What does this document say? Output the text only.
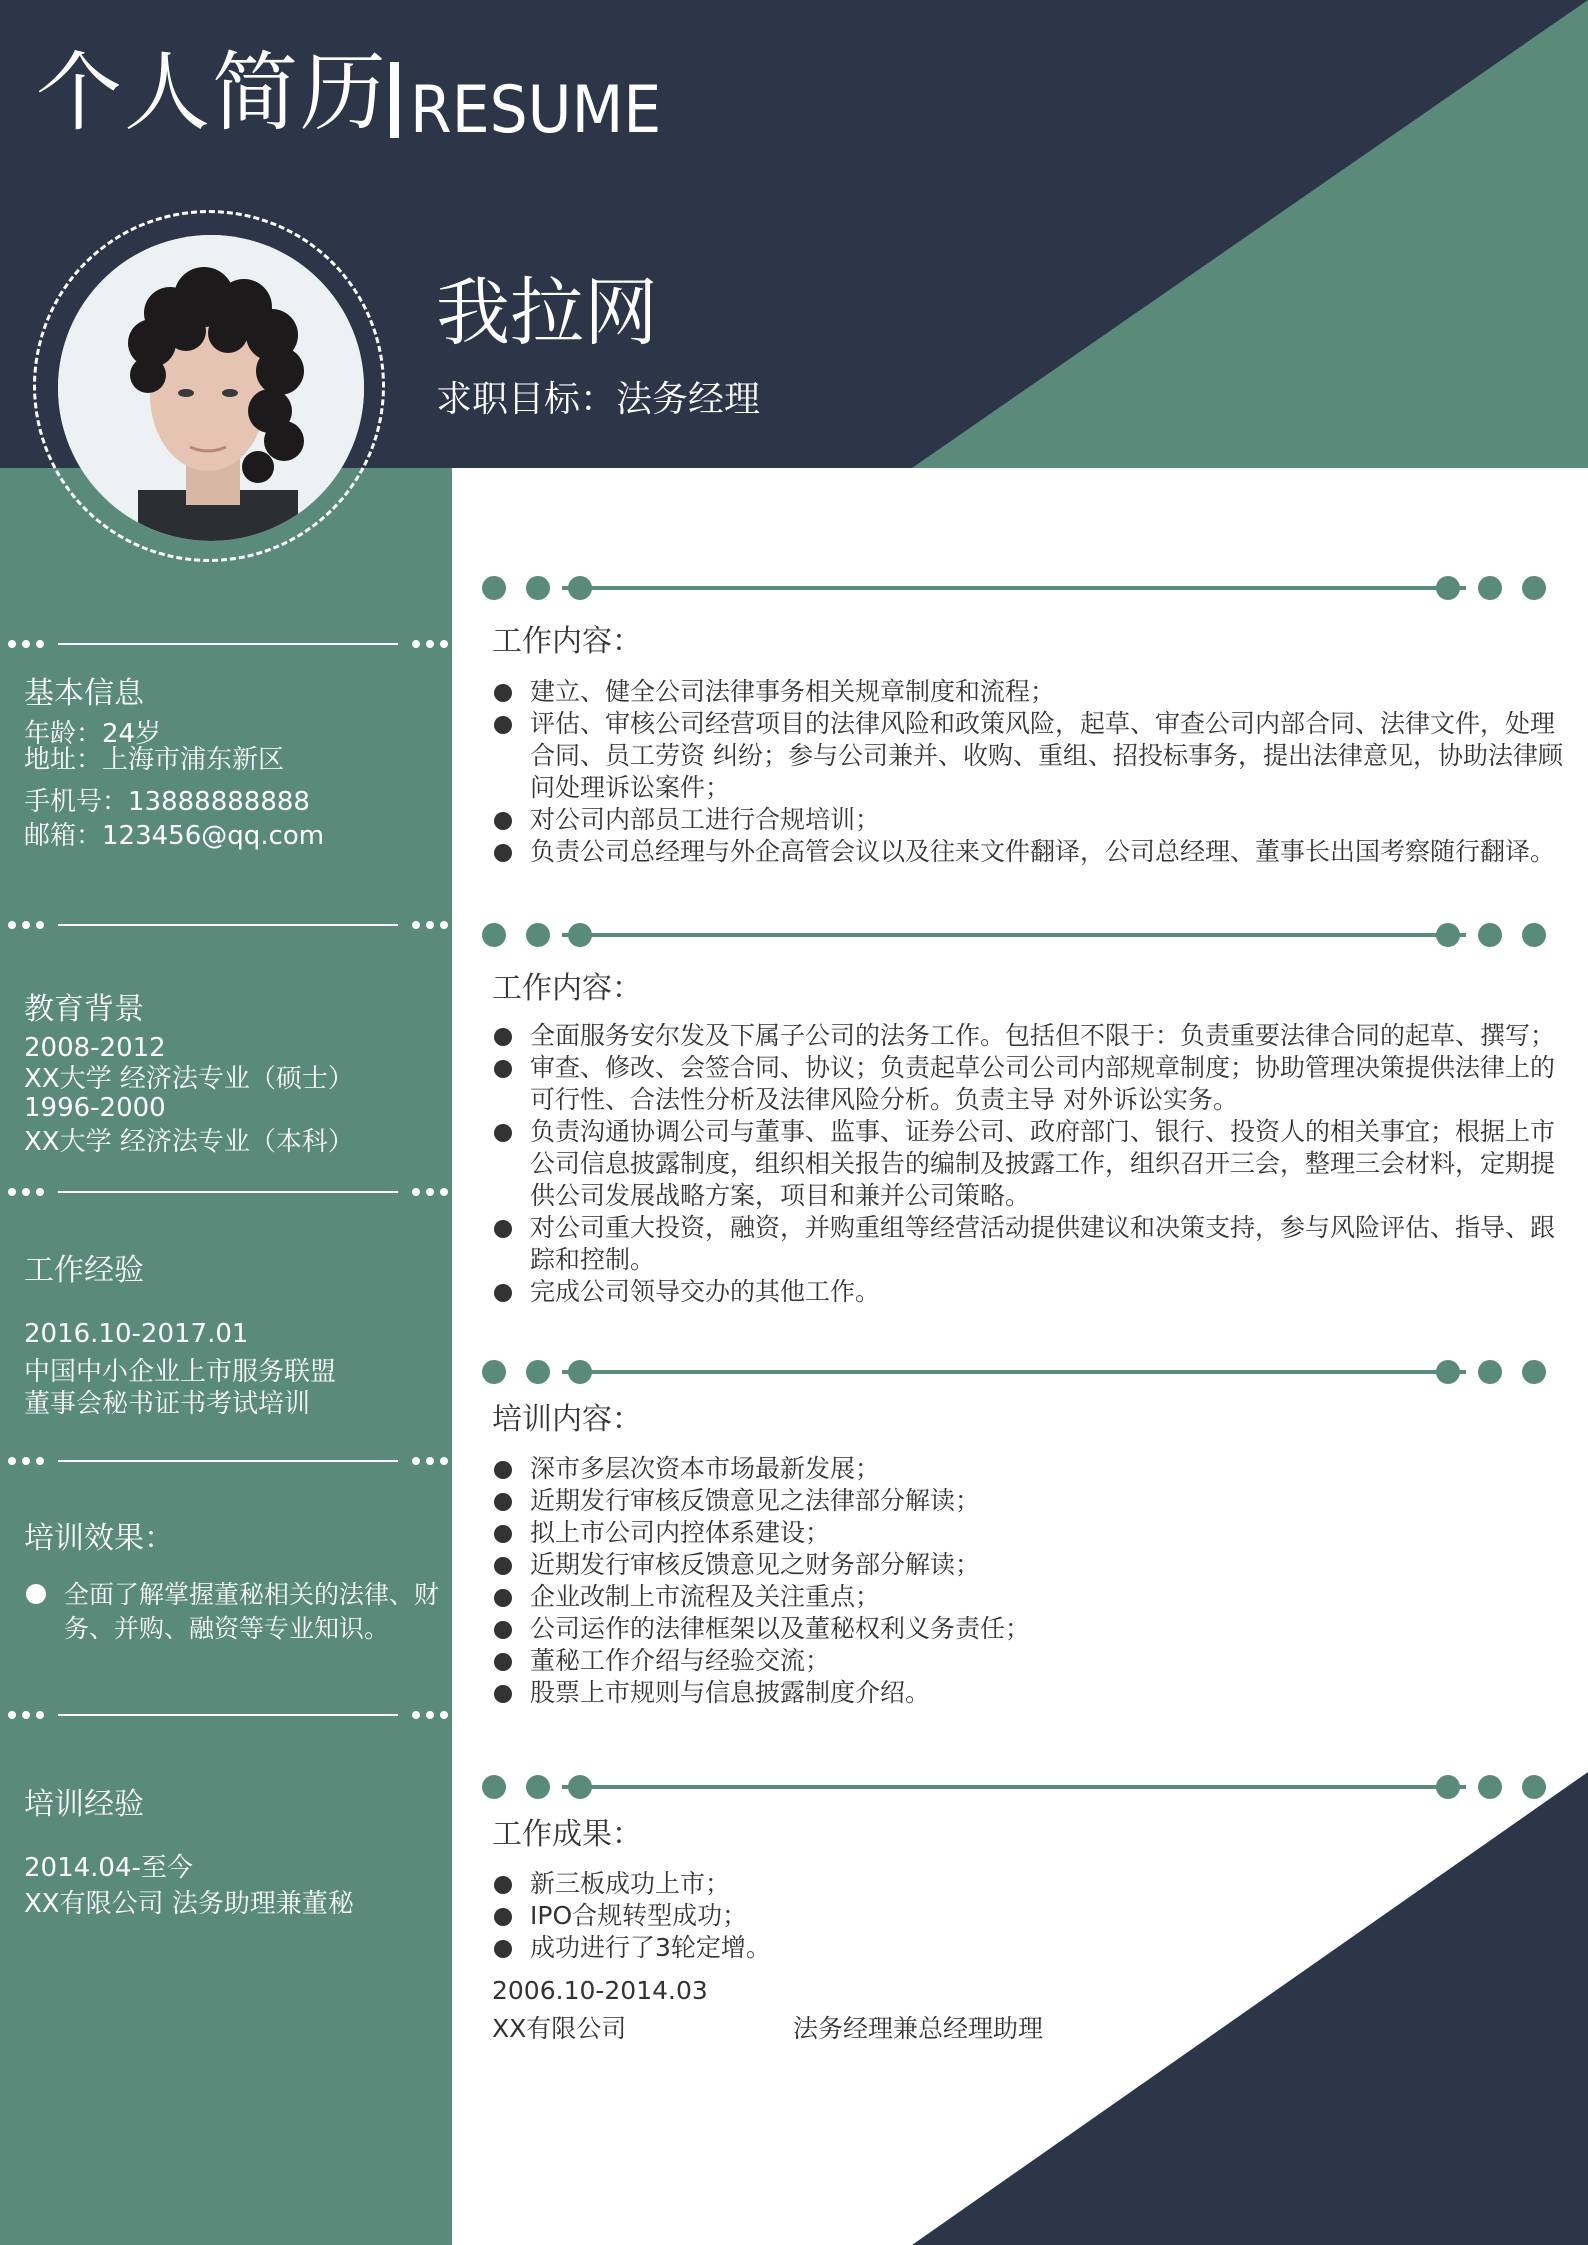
个人简历 RESUME
我拉网
求职目标：法务经理
基本信息
年龄：24岁
地址：上海市浦东新区
手机号：13888888888
邮箱：123456@qq.com
教育背景
2008-2012
XX大学 经济法专业（硕士）
1996-2000
XX大学 经济法专业（本科）
工作经验
2016.10-2017.01
中国中小企业上市服务联盟
董事会秘书证书考试培训
培训效果：
全面了解掌握董秘相关的法律、财务、并购、融资等专业知识。
培训经验
2014.04-至今
XX有限公司 法务助理兼董秘
工作内容：
建立、健全公司法律事务相关规章制度和流程；
评估、审核公司经营项目的法律风险和政策风险，起草、审查公司内部合同、法律文件，处理合同、员工劳资 纠纷；参与公司兼并、收购、重组、招投标事务，提出法律意见，协助法律顾问处理诉讼案件；
对公司内部员工进行合规培训；
负责公司总经理与外企高管会议以及往来文件翻译，公司总经理、董事长出国考察随行翻译。
工作内容：
全面服务安尔发及下属子公司的法务工作。包括但不限于：负责重要法律合同的起草、撰写；
审查、修改、会签合同、协议；负责起草公司公司内部规章制度；协助管理决策提供法律上的可行性、合法性分析及法律风险分析。负责主导 对外诉讼实务。
负责沟通协调公司与董事、监事、证券公司、政府部门、银行、投资人的相关事宜；根据上市公司信息披露制度，组织相关报告的编制及披露工作，组织召开三会，整理三会材料，定期提 供公司发展战略方案，项目和兼并公司策略。
对公司重大投资，融资，并购重组等经营活动提供建议和决策支持，参与风险评估、指导、跟 踪和控制。
完成公司领导交办的其他工作。
培训内容：
深市多层次资本市场最新发展；
近期发行审核反馈意见之法律部分解读；
拟上市公司内控体系建设；
近期发行审核反馈意见之财务部分解读；
企业改制上市流程及关注重点；
公司运作的法律框架以及董秘权利义务责任；
董秘工作介绍与经验交流；
股票上市规则与信息披露制度介绍。
工作成果：
新三板成功上市；
IPO合规转型成功；
成功进行了3轮定增。
2006.10-2014.03
XX有限公司	法务经理兼总经理助理
